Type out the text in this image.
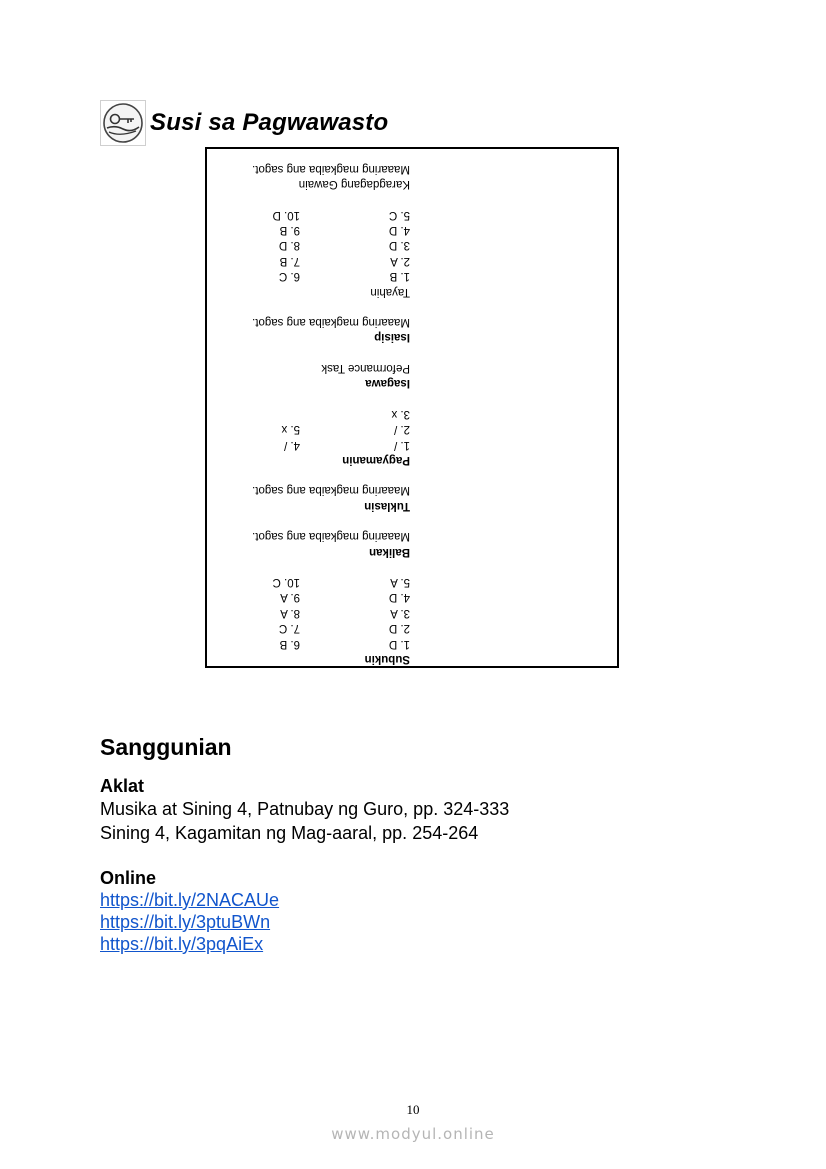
Susi sa Pagwawasto
Subukin
1. D
2. D
3. A
4. D
5. A
6. B
7. C
8. A
9. A
10. C
Balikan
Maaaring magkaiba ang sagot.
Tuklasin
Maaaring magkaiba ang sagot.
Pagyamanin
1. /
2. /
3. x
4. /
5. x
Isagawa
Peformance Task
Isaisip
Maaaring magkaiba ang sagot.
Tayahin
1. B
2. A
3. D
4. D
5. C
6. C
7. B
8. D
9. B
10. D
Karagdagang Gawain
Maaaring magkaiba ang sagot.
Sanggunian
Aklat
Musika at Sining 4, Patnubay ng Guro, pp. 324-333
Sining 4, Kagamitan ng Mag-aaral, pp. 254-264
Online
https://bit.ly/2NACAUe
https://bit.ly/3ptuBWn
https://bit.ly/3pqAiEx
10
www.modyul.online
